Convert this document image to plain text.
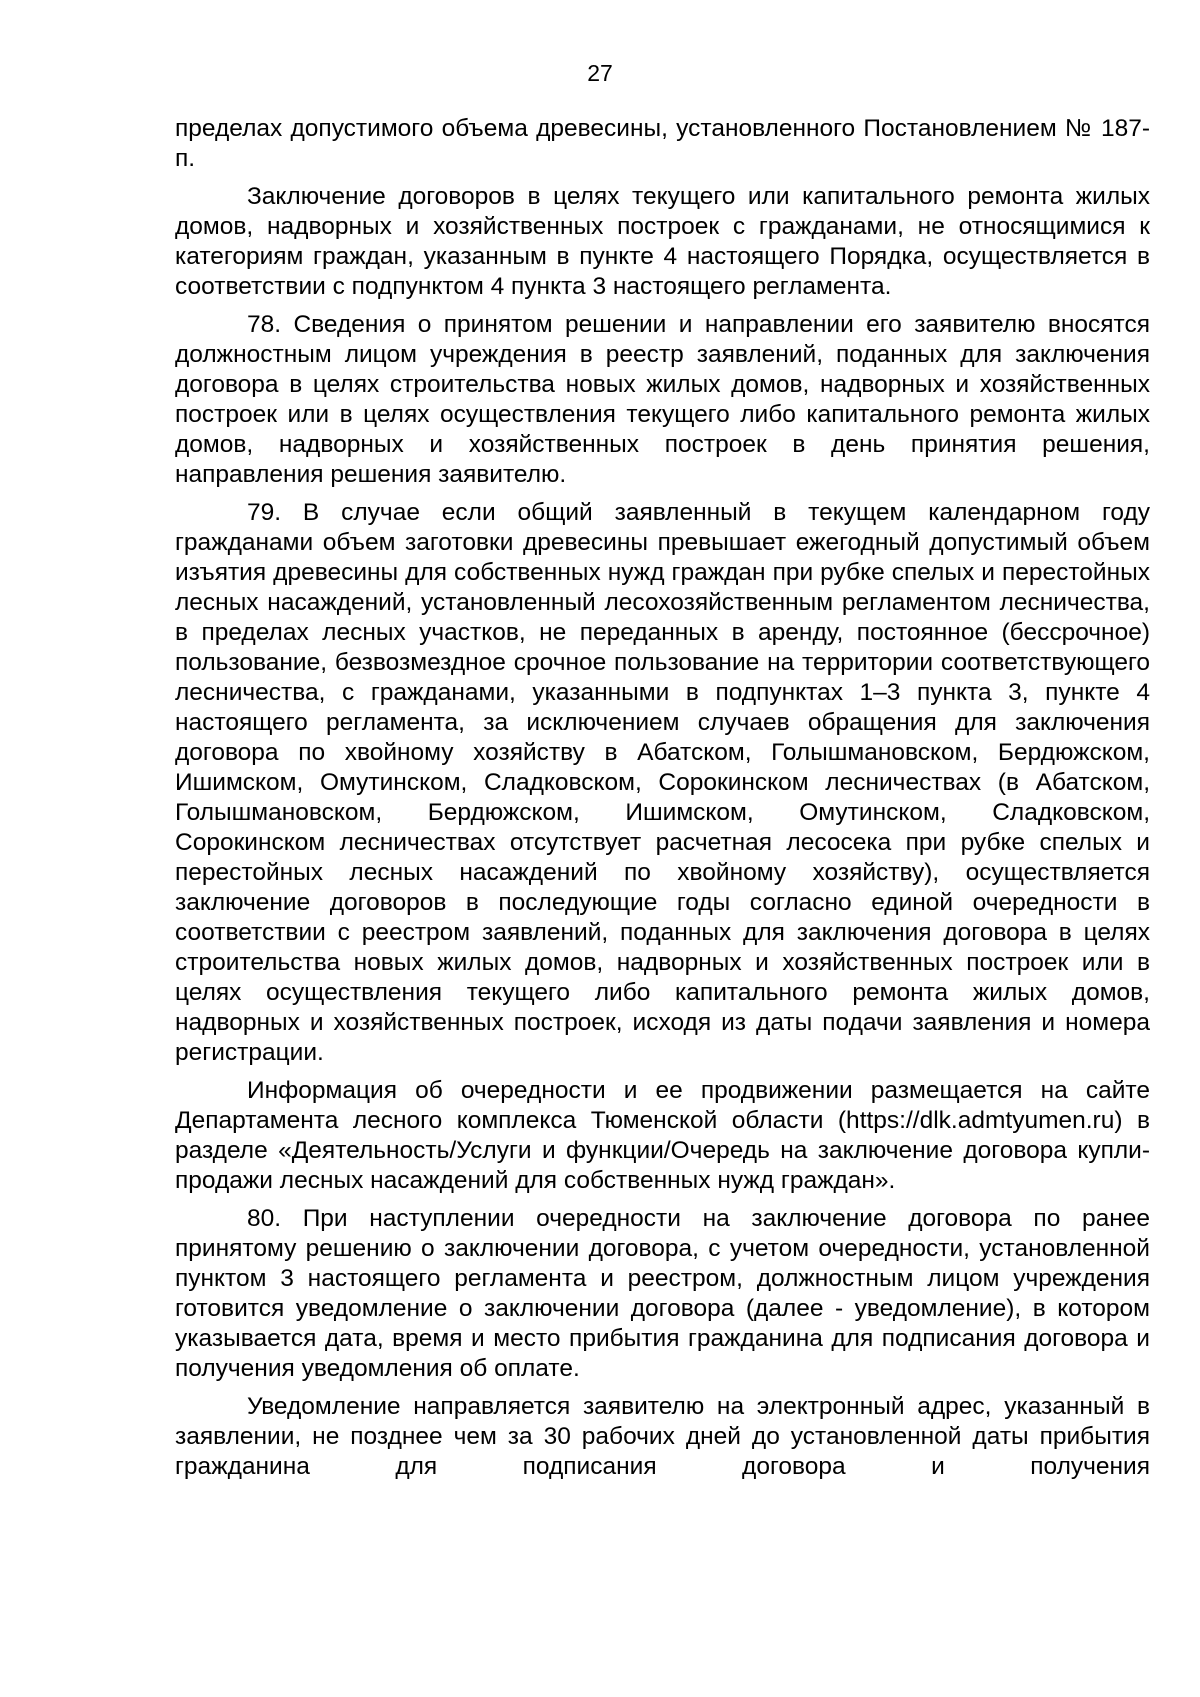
27

пределах допустимого объема древесины, установленного Постановлением № 187-п.

Заключение договоров в целях текущего или капитального ремонта жилых домов, надворных и хозяйственных построек с гражданами, не относящимися к категориям граждан, указанным в пункте 4 настоящего Порядка, осуществляется в соответствии с подпунктом 4 пункта 3 настоящего регламента.

78. Сведения о принятом решении и направлении его заявителю вносятся должностным лицом учреждения в реестр заявлений, поданных для заключения договора в целях строительства новых жилых домов, надворных и хозяйственных построек или в целях осуществления текущего либо капитального ремонта жилых домов, надворных и хозяйственных построек в день принятия решения, направления решения заявителю.

79. В случае если общий заявленный в текущем календарном году гражданами объем заготовки древесины превышает ежегодный допустимый объем изъятия древесины для собственных нужд граждан при рубке спелых и перестойных лесных насаждений, установленный лесохозяйственным регламентом лесничества, в пределах лесных участков, не переданных в аренду, постоянное (бессрочное) пользование, безвозмездное срочное пользование на территории соответствующего лесничества, с гражданами, указанными в подпунктах 1–3 пункта 3, пункте 4 настоящего регламента, за исключением случаев обращения для заключения договора по хвойному хозяйству в Абатском, Голышмановском, Бердюжском, Ишимском, Омутинском, Сладковском, Сорокинском лесничествах (в Абатском, Голышмановском, Бердюжском, Ишимском, Омутинском, Сладковском, Сорокинском лесничествах отсутствует расчетная лесосека при рубке спелых и перестойных лесных насаждений по хвойному хозяйству), осуществляется заключение договоров в последующие годы согласно единой очередности в соответствии с реестром заявлений, поданных для заключения договора в целях строительства новых жилых домов, надворных и хозяйственных построек или в целях осуществления текущего либо капитального ремонта жилых домов, надворных и хозяйственных построек, исходя из даты подачи заявления и номера регистрации.

Информация об очередности и ее продвижении размещается на сайте Департамента лесного комплекса Тюменской области (https://dlk.admtyumen.ru) в разделе «Деятельность/Услуги и функции/Очередь на заключение договора купли-продажи лесных насаждений для собственных нужд граждан».

80. При наступлении очередности на заключение договора по ранее принятому решению о заключении договора, с учетом очередности, установленной пунктом 3 настоящего регламента и реестром, должностным лицом учреждения готовится уведомление о заключении договора (далее - уведомление), в котором указывается дата, время и место прибытия гражданина для подписания договора и получения уведомления об оплате.

Уведомление направляется заявителю на электронный адрес, указанный в заявлении, не позднее чем за 30 рабочих дней до установленной даты прибытия гражданина для подписания договора и получения
